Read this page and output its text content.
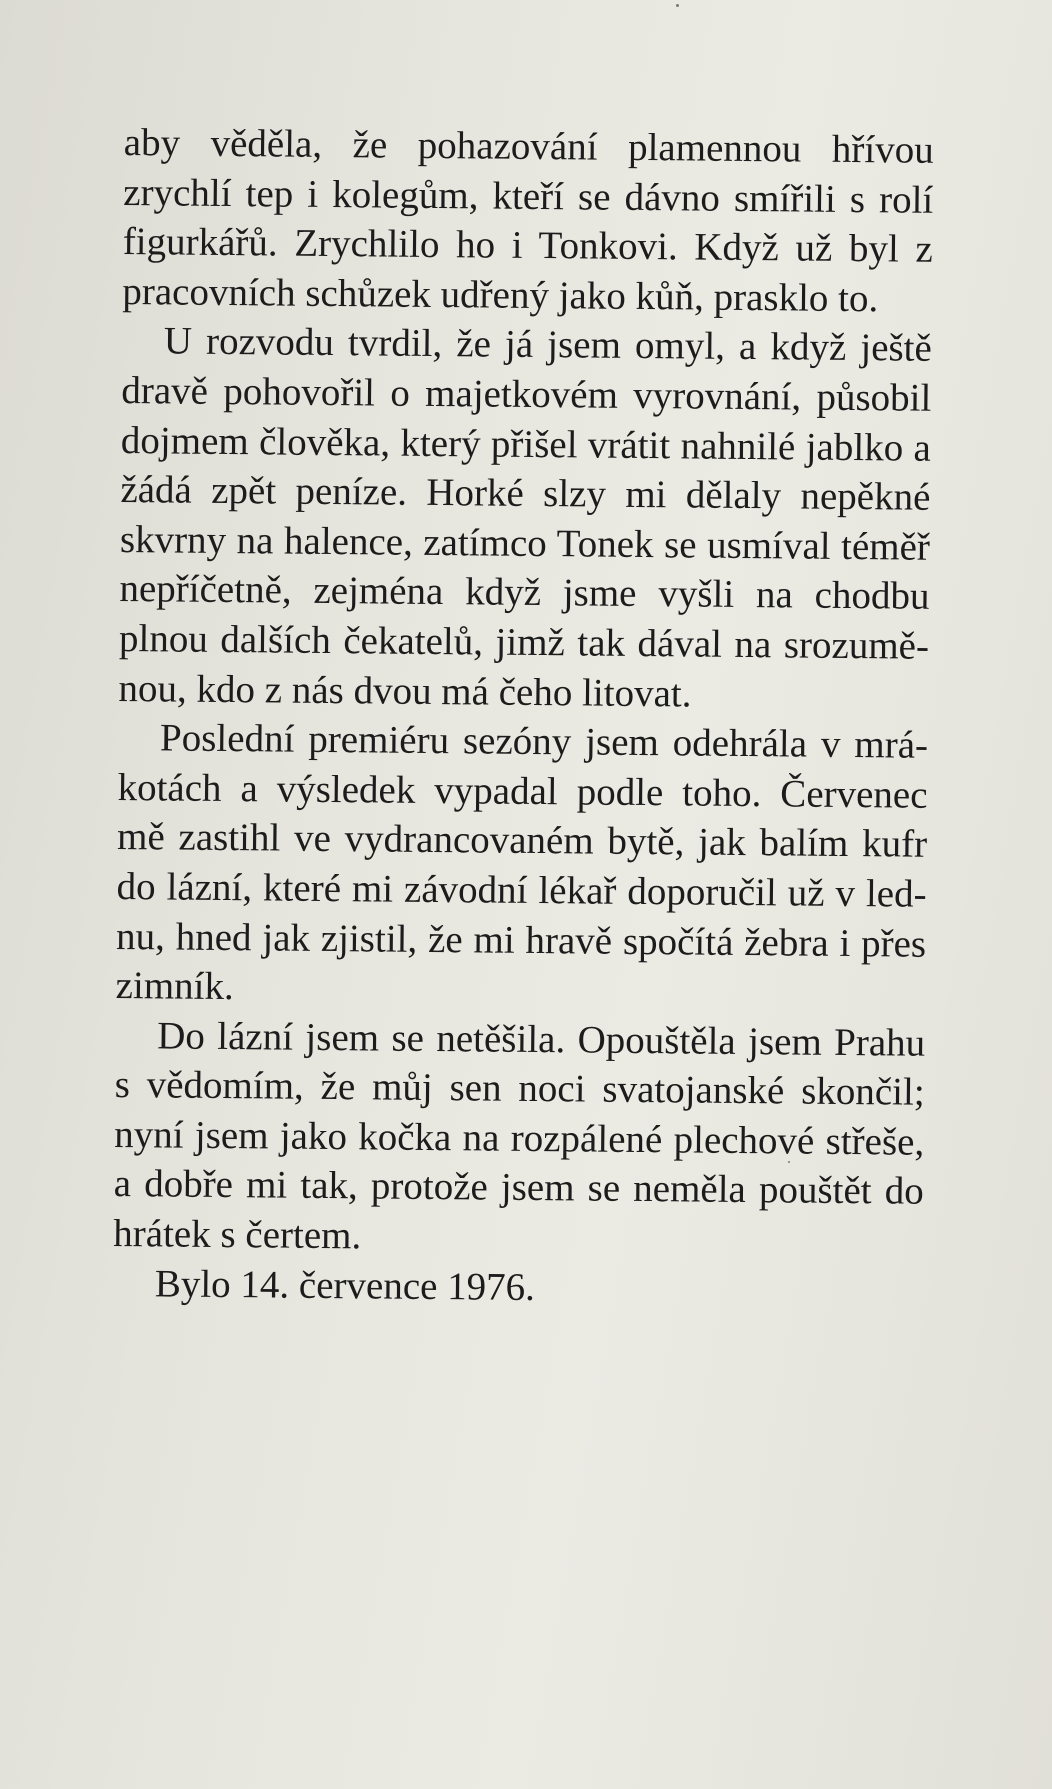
aby věděla, že pohazování plamennou hřívou zrychlí tep i kolegům, kteří se dávno smířili s rolí figurkářů. Zrychlilo ho i Tonkovi. Když už byl z pracovních schůzek udřený jako kůň, prasklo to.

U rozvodu tvrdil, že já jsem omyl, a když ještě dravě pohovořil o majetkovém vyrovnání, působil dojmem člověka, který přišel vrátit nahnilé jablko a žádá zpět peníze. Horké slzy mi dělaly nepěkné skvrny na halence, zatímco Tonek se usmíval téměř nepříčetně, zejména když jsme vyšli na chodbu plnou dalších čekatelů, jimž tak dával na srozumě-nou, kdo z nás dvou má čeho litovat.

Poslední premiéru sezóny jsem odehrála v mrá-kotách a výsledek vypadal podle toho. Červenec mě zastihl ve vydrancovaném bytě, jak balím kufr do lázní, které mi závodní lékař doporučil už v led-nu, hned jak zjistil, že mi hravě spočítá žebra i přes zimník.

Do lázní jsem se netěšila. Opouštěla jsem Prahu s vědomím, že můj sen noci svatojanské skončil; nyní jsem jako kočka na rozpálené plechové střeše, a dobře mi tak, protože jsem se neměla pouštět do hrátek s čertem.

Bylo 14. července 1976.
